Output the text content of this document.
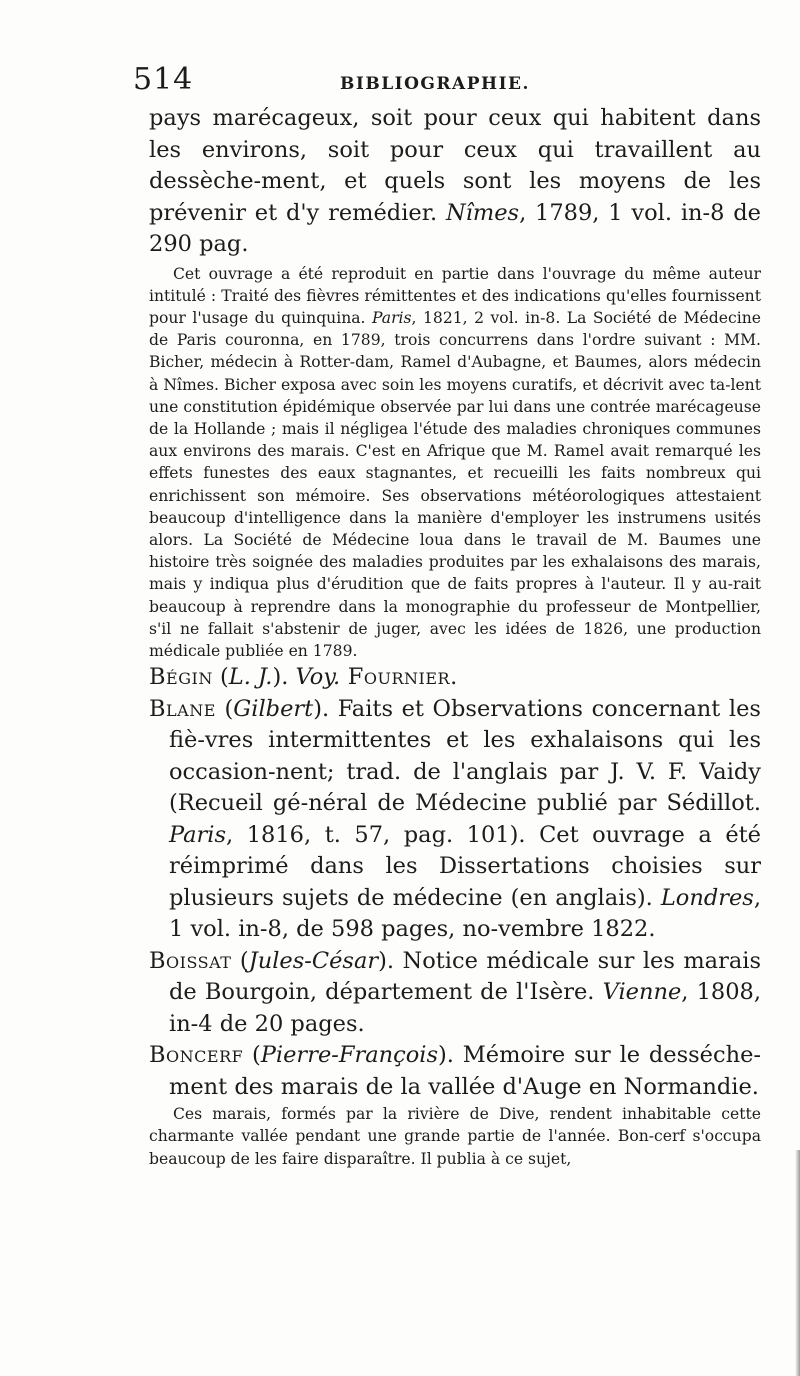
514	BIBLIOGRAPHIE.

pays marécageux, soit pour ceux qui habitent dans les environs, soit pour ceux qui travaillent au dessèche-ment, et quels sont les moyens de les prévenir et d'y remédier. Nîmes, 1789, 1 vol. in-8 de 290 pag.

Cet ouvrage a été reproduit en partie dans l'ouvrage du même auteur intitulé : Traité des fièvres rémittentes et des indications qu'elles fournissent pour l'usage du quinquina. Paris, 1821, 2 vol. in-8. La Société de Médecine de Paris couronna, en 1789, trois concurrens dans l'ordre suivant : MM. Bicher, médecin à Rotter-dam, Ramel d'Aubagne, et Baumes, alors médecin à Nîmes. Bicher exposa avec soin les moyens curatifs, et décrivit avec ta-lent une constitution épidémique observée par lui dans une contrée marécageuse de la Hollande ; mais il négligea l'étude des maladies chroniques communes aux environs des marais. C'est en Afrique que M. Ramel avait remarqué les effets funestes des eaux stagnantes, et recueilli les faits nombreux qui enrichissent son mémoire. Ses observations météorologiques attestaient beaucoup d'intelligence dans la manière d'employer les instrumens usités alors. La Société de Médecine loua dans le travail de M. Baumes une histoire très soignée des maladies produites par les exhalaisons des marais, mais y indiqua plus d'érudition que de faits propres à l'auteur. Il y au-rait beaucoup à reprendre dans la monographie du professeur de Montpellier, s'il ne fallait s'abstenir de juger, avec les idées de 1826, une production médicale publiée en 1789.

Bégin (L. J.). Voy. Fournier.

Blane (Gilbert). Faits et Observations concernant les fiè-vres intermittentes et les exhalaisons qui les occasion-nent; trad. de l'anglais par J. V. F. Vaidy (Recueil gé-néral de Médecine publié par Sédillot. Paris, 1816, t. 57, pag. 101). Cet ouvrage a été réimprimé dans les Dissertations choisies sur plusieurs sujets de médecine (en anglais). Londres, 1 vol. in-8, de 598 pages, no-vembre 1822.

Boissat (Jules-César). Notice médicale sur les marais de Bourgoin, département de l'Isère. Vienne, 1808, in-4 de 20 pages.

Boncerf (Pierre-François). Mémoire sur le desséche-ment des marais de la vallée d'Auge en Normandie.

Ces marais, formés par la rivière de Dive, rendent inhabitable cette charmante vallée pendant une grande partie de l'année. Bon-cerf s'occupa beaucoup de les faire disparaître. Il publia à ce sujet,
